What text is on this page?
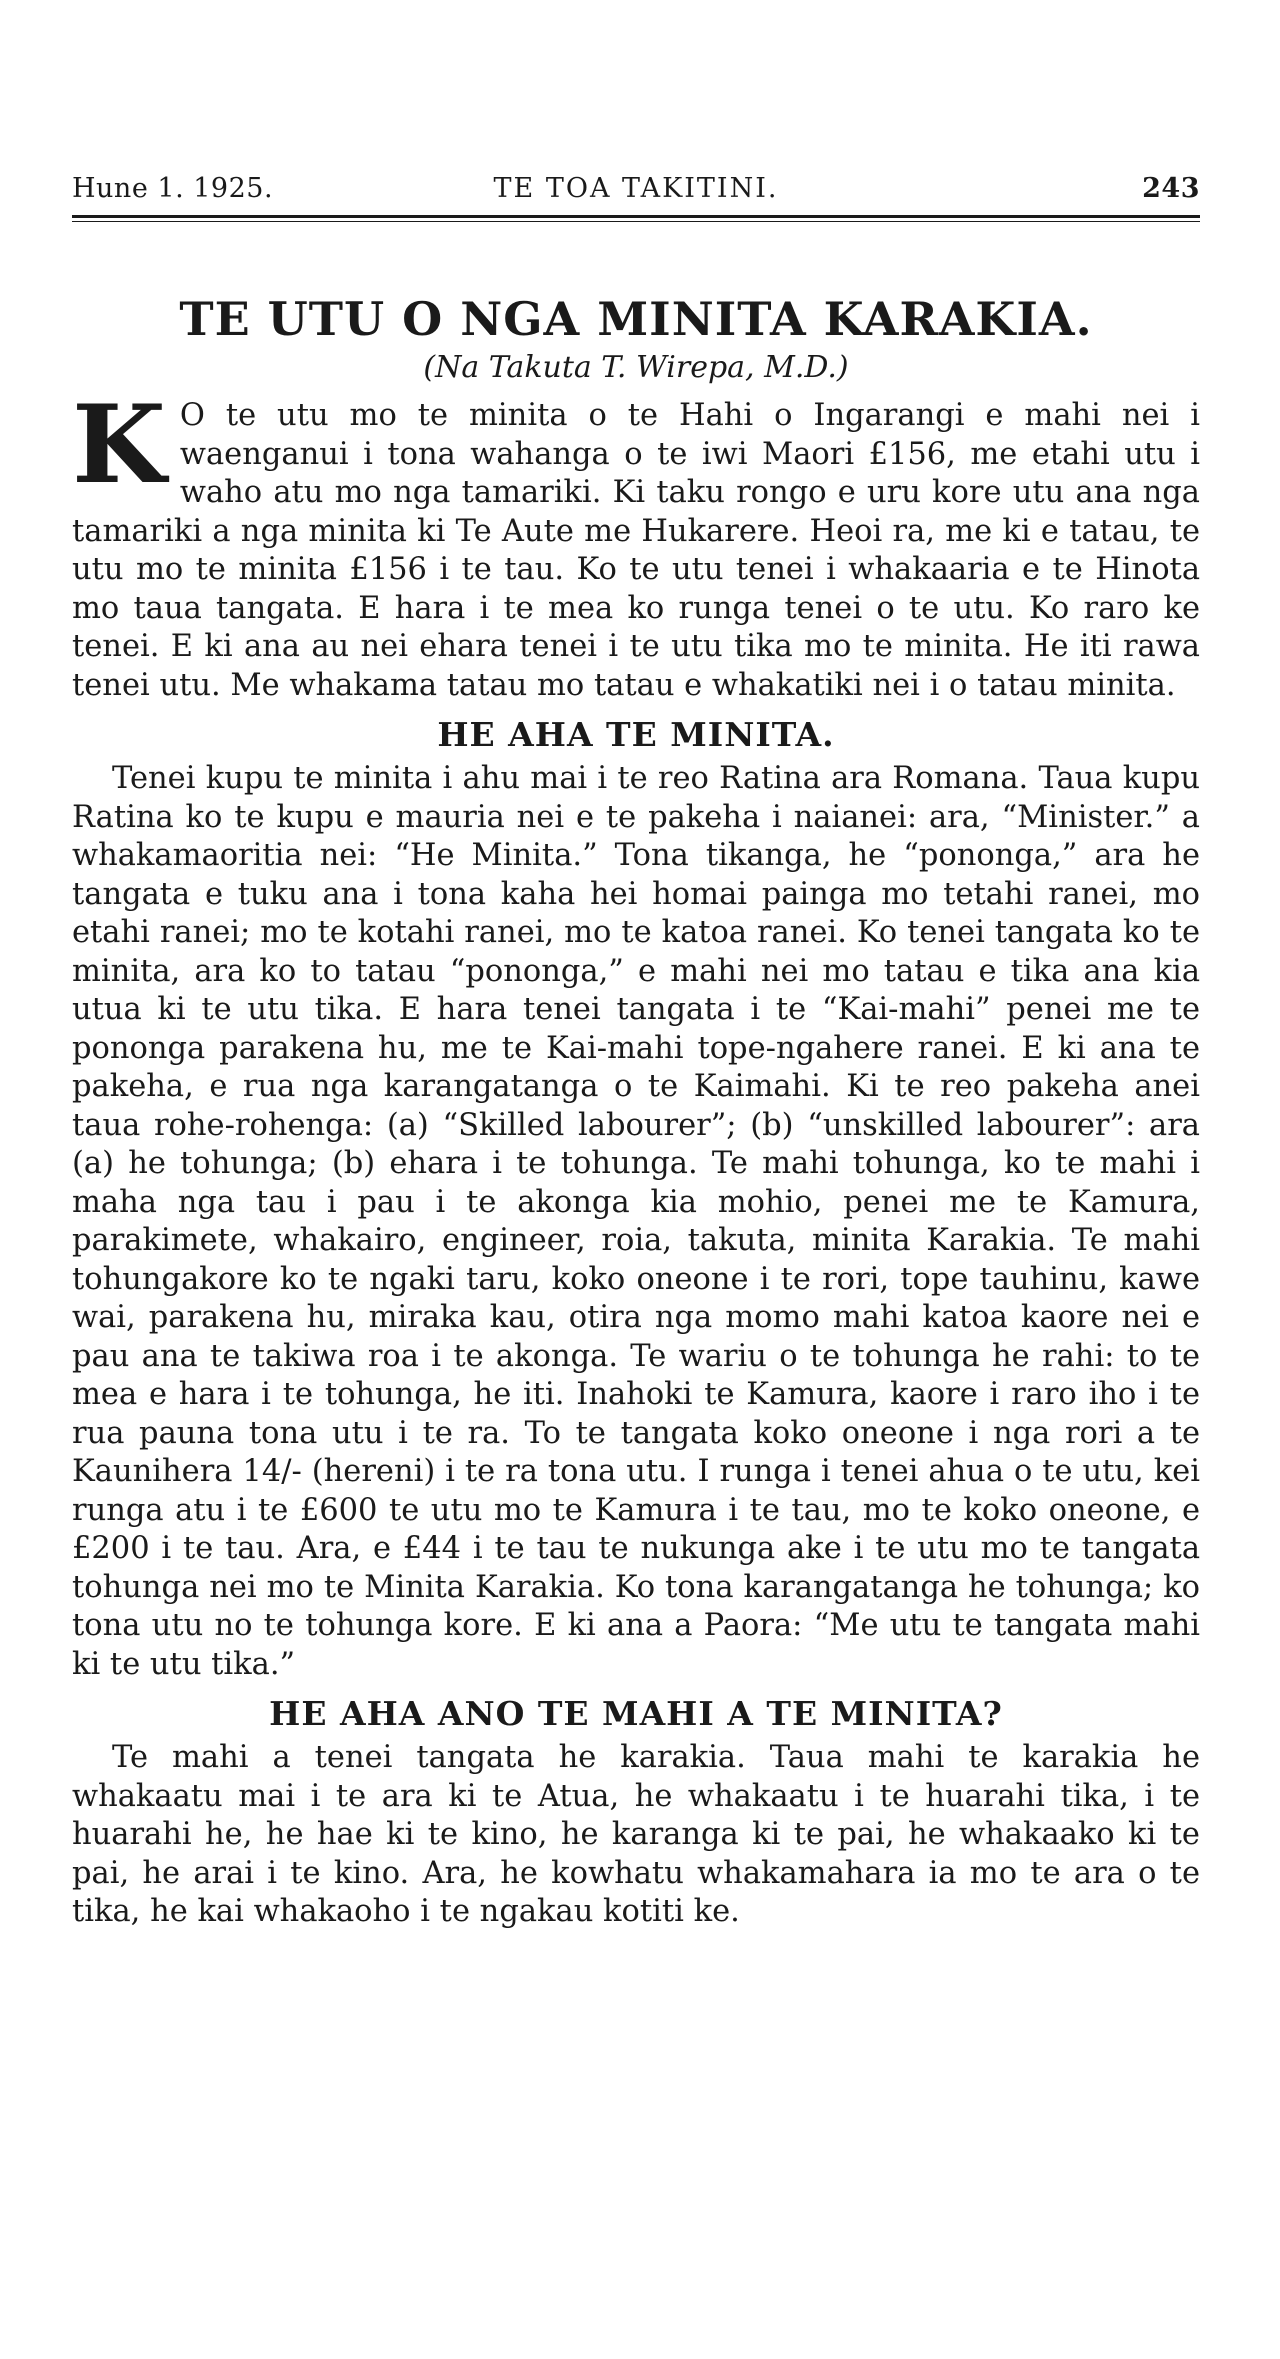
Hune 1. 1925.	TE TOA TAKITINI.	243
TE UTU O NGA MINITA KARAKIA.
(Na Takuta T. Wirepa, M.D.)

K O te utu mo te minita o te Hahi o Ingarangi e mahi nei i waenganui i tona wahanga o te iwi Maori £156, me etahi utu i waho atu mo nga tamariki. Ki taku rongo e uru kore utu ana nga tamariki a nga minita ki Te Aute me Hukarere. Heoi ra, me ki e tatau, te utu mo te minita £156 i te tau. Ko te utu tenei i whakaaria e te Hinota mo taua tangata. E hara i te mea ko runga tenei o te utu. Ko raro ke tenei. E ki ana au nei ehara tenei i te utu tika mo te minita. He iti rawa tenei utu. Me whakama tatau mo tatau e whakatiki nei i o tatau minita.

HE AHA TE MINITA.

Tenei kupu te minita i ahu mai i te reo Ratina ara Romana. Taua kupu Ratina ko te kupu e mauria nei e te pakeha i naianei: ara, “Minister.” a whakamaoritia nei: “He Minita.” Tona tikanga, he “pononga,” ara he tangata e tuku ana i tona kaha hei homai painga mo tetahi ranei, mo etahi ranei; mo te kotahi ranei, mo te katoa ranei. Ko tenei tangata ko te minita, ara ko to tatau “pononga,” e mahi nei mo tatau e tika ana kia utua ki te utu tika. E hara tenei tangata i te “Kai-mahi” penei me te pononga parakena hu, me te Kai-mahi tope-ngahere ranei. E ki ana te pakeha, e rua nga karangatanga o te Kaimahi. Ki te reo pakeha anei taua rohe-rohenga: (a) “Skilled labourer”; (b) “unskilled labourer”: ara (a) he tohunga; (b) ehara i te tohunga. Te mahi tohunga, ko te mahi i maha nga tau i pau i te akonga kia mohio, penei me te Kamura, parakimete, whakairo, engineer, roia, takuta, minita Karakia. Te mahi tohungakore ko te ngaki taru, koko oneone i te rori, tope tauhinu, kawe wai, parakena hu, miraka kau, otira nga momo mahi katoa kaore nei e pau ana te takiwa roa i te akonga. Te wariu o te tohunga he rahi: to te mea e hara i te tohunga, he iti. Inahoki te Kamura, kaore i raro iho i te rua pauna tona utu i te ra. To te tangata koko oneone i nga rori a te Kaunihera 14/- (hereni) i te ra tona utu. I runga i tenei ahua o te utu, kei runga atu i te £600 te utu mo te Kamura i te tau, mo te koko oneone, e £200 i te tau. Ara, e £44 i te tau te nukunga ake i te utu mo te tangata tohunga nei mo te Minita Karakia. Ko tona karangatanga he tohunga; ko tona utu no te tohunga kore. E ki ana a Paora: “Me utu te tangata mahi ki te utu tika.”

HE AHA ANO TE MAHI A TE MINITA?

Te mahi a tenei tangata he karakia. Taua mahi te karakia he whakaatu mai i te ara ki te Atua, he whakaatu i te huarahi tika, i te huarahi he, he hae ki te kino, he karanga ki te pai, he whakaako ki te pai, he arai i te kino. Ara, he kowhatu whakamahara ia mo te ara o te tika, he kai whakaoho i te ngakau kotiti ke.
